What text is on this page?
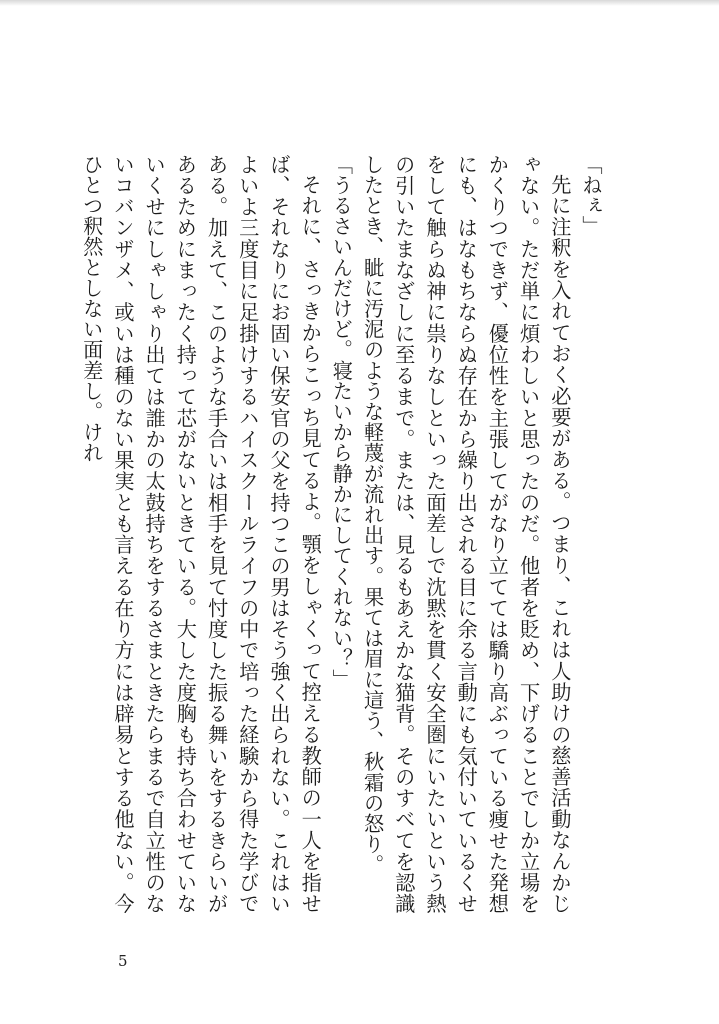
「ねぇ」

先に注釈を入れておく必要がある。つまり、これは人助けの慈善活動なんかじゃない。ただ単に煩わしいと思ったのだ。他者を貶め、下げることでしか立場をかくりつできず、優位性を主張してがなり立てては驕り高ぶっている痩せた発想にも、はなもちならぬ存在から繰り出される目に余る言動にも気付いているくせをして触らぬ神に祟りなしといった面差しで沈黙を貫く安全圏にいたいという熱の引いたまなざしに至るまで。または、見るもあえかな猫背。そのすべてを認識したとき、眦に汚泥のような軽蔑が流れ出す。果ては眉に這う、秋霜の怒り。

「うるさいんだけど。寝たいから静かにしてくれない？」

それに、さっきからこっち見てるよ。顎をしゃくって控える教師の一人を指せば、それなりにお固い保安官の父を持つこの男はそう強く出られない。これはいよいよ三度目に足掛けするハイスクールライフの中で培った経験から得た学びである。加えて、このような手合いは相手を見て忖度した振る舞いをするきらいがあるためにまったく持って芯がないときている。大した度胸も持ち合わせていないくせにしゃしゃり出ては誰かの太鼓持ちをするさまときたらまるで自立性のないコバンザメ、或いは種のない果実とも言える在り方には辟易とする他ない。今ひとつ釈然としない面差し。けれ

5
